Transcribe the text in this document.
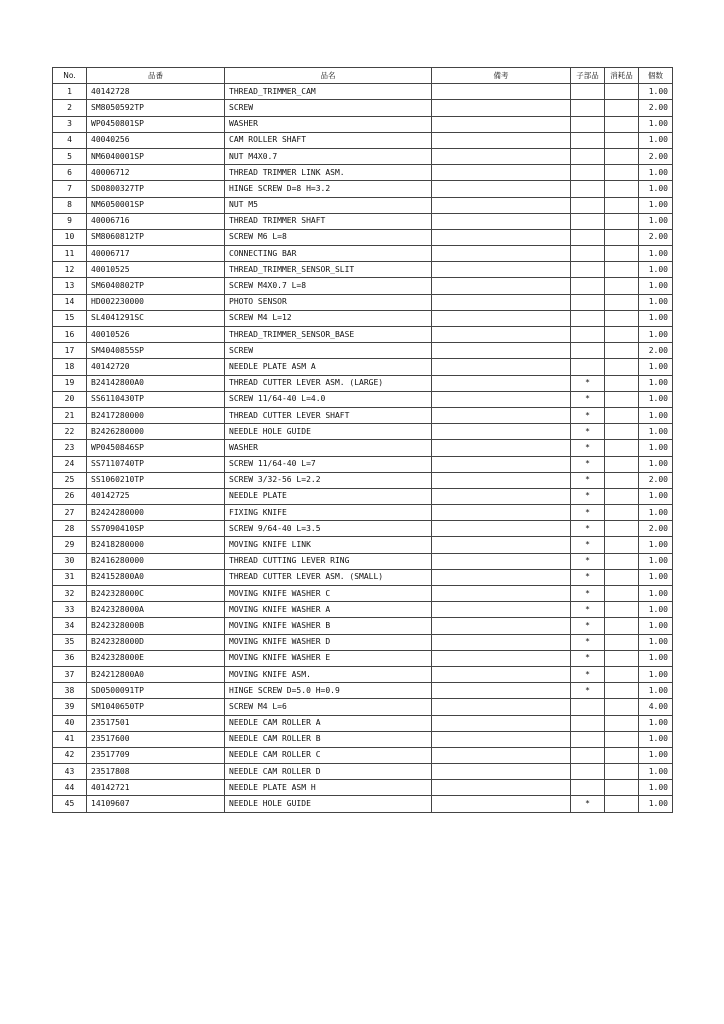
No.	品番	品名	備考	子部品	消耗品	個数
1	40142728	THREAD_TRIMMER_CAM				1.00
2	SM8050592TP	SCREW				2.00
3	WP0450801SP	WASHER				1.00
4	40040256	CAM ROLLER SHAFT				1.00
5	NM6040001SP	NUT M4X0.7				2.00
6	40006712	THREAD TRIMMER LINK ASM.				1.00
7	SD0800327TP	HINGE SCREW D=8 H=3.2				1.00
8	NM6050001SP	NUT M5				1.00
9	40006716	THREAD TRIMMER SHAFT				1.00
10	SM8060812TP	SCREW M6 L=8				2.00
11	40006717	CONNECTING BAR				1.00
12	40010525	THREAD_TRIMMER_SENSOR_SLIT				1.00
13	SM6040802TP	SCREW M4X0.7 L=8				1.00
14	HD002230000	PHOTO SENSOR				1.00
15	SL4041291SC	SCREW M4 L=12				1.00
16	40010526	THREAD_TRIMMER_SENSOR_BASE				1.00
17	SM4040855SP	SCREW				2.00
18	40142720	NEEDLE PLATE ASM A				1.00
19	B24142800A0	THREAD CUTTER LEVER ASM. (LARGE)		*		1.00
20	SS6110430TP	SCREW 11/64-40 L=4.0		*		1.00
21	B2417280000	THREAD CUTTER LEVER SHAFT		*		1.00
22	B2426280000	NEEDLE HOLE GUIDE		*		1.00
23	WP0450846SP	WASHER		*		1.00
24	SS7110740TP	SCREW 11/64-40 L=7		*		1.00
25	SS1060210TP	SCREW 3/32-56 L=2.2		*		2.00
26	40142725	NEEDLE PLATE		*		1.00
27	B2424280000	FIXING KNIFE		*		1.00
28	SS7090410SP	SCREW 9/64-40 L=3.5		*		2.00
29	B2418280000	MOVING KNIFE LINK		*		1.00
30	B2416280000	THREAD CUTTING LEVER RING		*		1.00
31	B24152800A0	THREAD CUTTER LEVER ASM. (SMALL)		*		1.00
32	B242328000C	MOVING KNIFE WASHER C		*		1.00
33	B242328000A	MOVING KNIFE WASHER A		*		1.00
34	B242328000B	MOVING KNIFE WASHER B		*		1.00
35	B242328000D	MOVING KNIFE WASHER D		*		1.00
36	B242328000E	MOVING KNIFE WASHER E		*		1.00
37	B24212800A0	MOVING KNIFE ASM.		*		1.00
38	SD0500091TP	HINGE SCREW D=5.0 H=0.9		*		1.00
39	SM1040650TP	SCREW M4 L=6				4.00
40	23517501	NEEDLE CAM ROLLER A				1.00
41	23517600	NEEDLE CAM ROLLER B				1.00
42	23517709	NEEDLE CAM ROLLER C				1.00
43	23517808	NEEDLE CAM ROLLER D				1.00
44	40142721	NEEDLE PLATE ASM H				1.00
45	14109607	NEEDLE HOLE GUIDE		*		1.00
